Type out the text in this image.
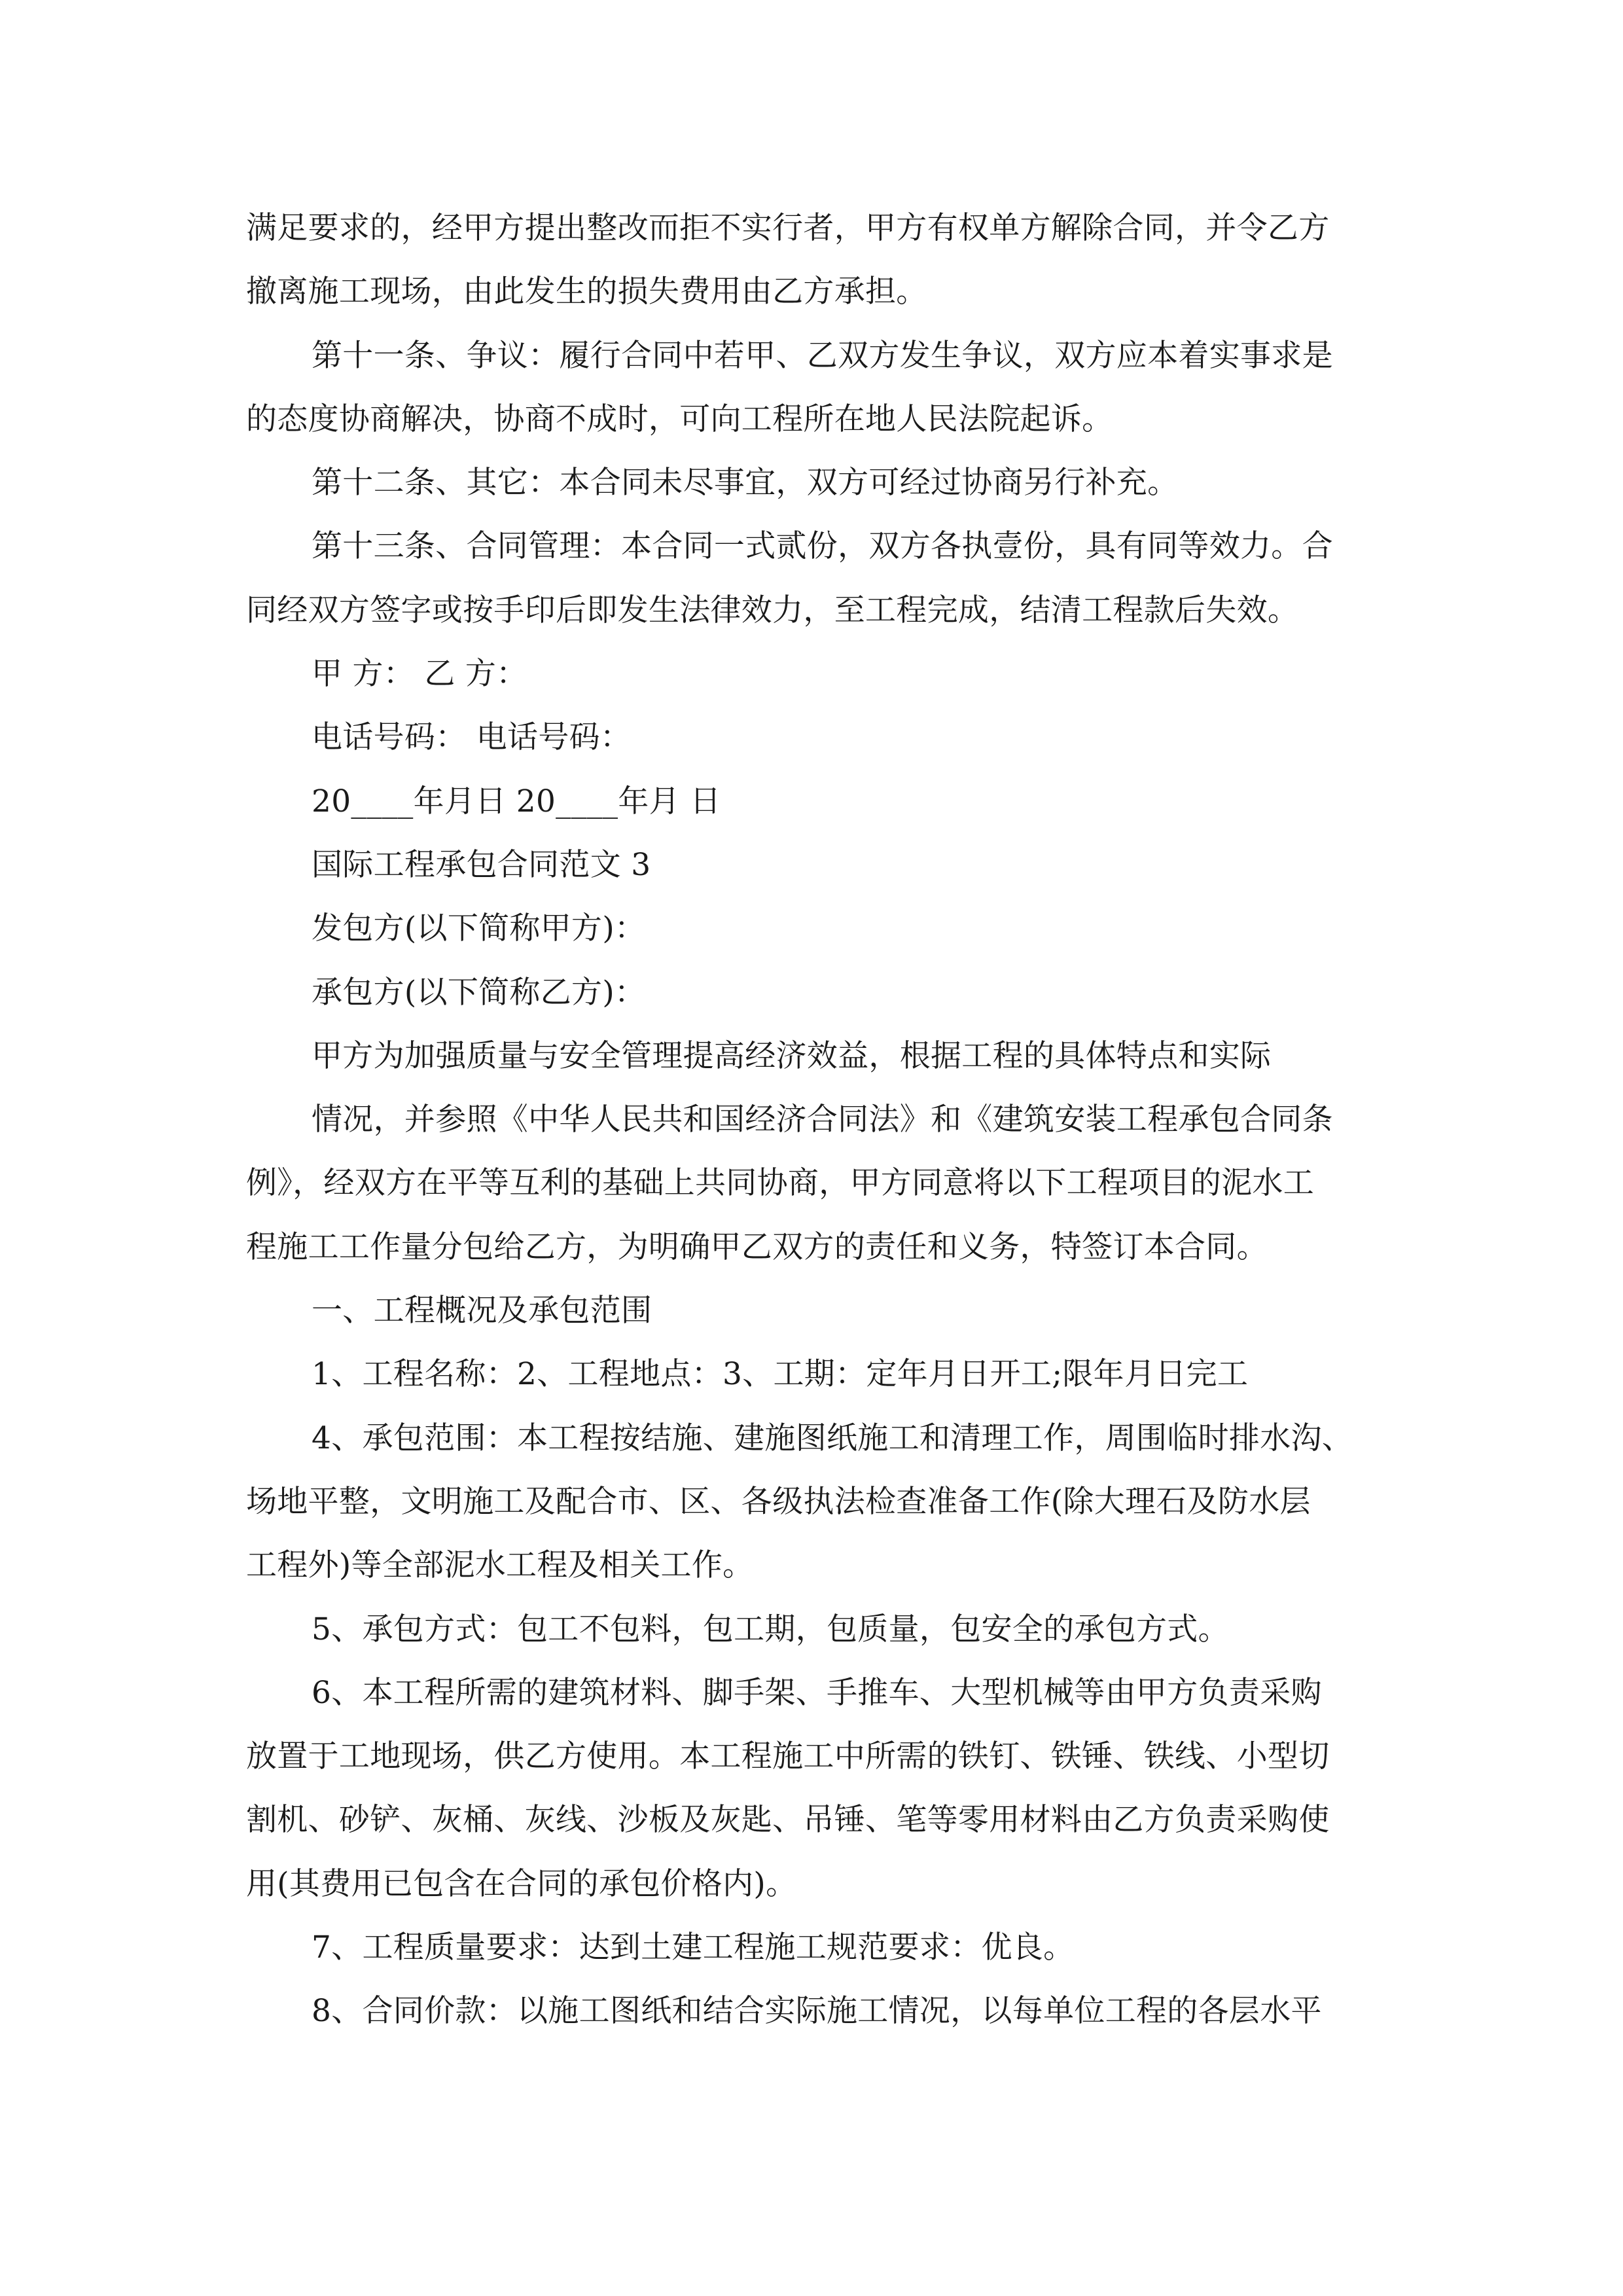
满足要求的，经甲方提出整改而拒不实行者，甲方有权单方解除合同，并令乙方
撤离施工现场，由此发生的损失费用由乙方承担。
第十一条、争议：履行合同中若甲、乙双方发生争议，双方应本着实事求是
的态度协商解决，协商不成时，可向工程所在地人民法院起诉。
第十二条、其它：本合同未尽事宜，双方可经过协商另行补充。
第十三条、合同管理：本合同一式贰份，双方各执壹份，具有同等效力。合
同经双方签字或按手印后即发生法律效力，至工程完成，结清工程款后失效。
甲 方： 乙 方：
电话号码： 电话号码：
20____年月日 20____年月 日
国际工程承包合同范文 3
发包方(以下简称甲方)：
承包方(以下简称乙方)：
甲方为加强质量与安全管理提高经济效益，根据工程的具体特点和实际
情况，并参照《中华人民共和国经济合同法》和《建筑安装工程承包合同条
例》，经双方在平等互利的基础上共同协商，甲方同意将以下工程项目的泥水工
程施工工作量分包给乙方，为明确甲乙双方的责任和义务，特签订本合同。
一、工程概况及承包范围
1、工程名称：2、工程地点：3、工期：定年月日开工;限年月日完工
4、承包范围：本工程按结施、建施图纸施工和清理工作，周围临时排水沟、
场地平整，文明施工及配合市、区、各级执法检查准备工作(除大理石及防水层
工程外)等全部泥水工程及相关工作。
5、承包方式：包工不包料，包工期，包质量，包安全的承包方式。
6、本工程所需的建筑材料、脚手架、手推车、大型机械等由甲方负责采购
放置于工地现场，供乙方使用。本工程施工中所需的铁钉、铁锤、铁线、小型切
割机、砂铲、灰桶、灰线、沙板及灰匙、吊锤、笔等零用材料由乙方负责采购使
用(其费用已包含在合同的承包价格内)。
7、工程质量要求：达到土建工程施工规范要求：优良。
8、合同价款：以施工图纸和结合实际施工情况，以每单位工程的各层水平
